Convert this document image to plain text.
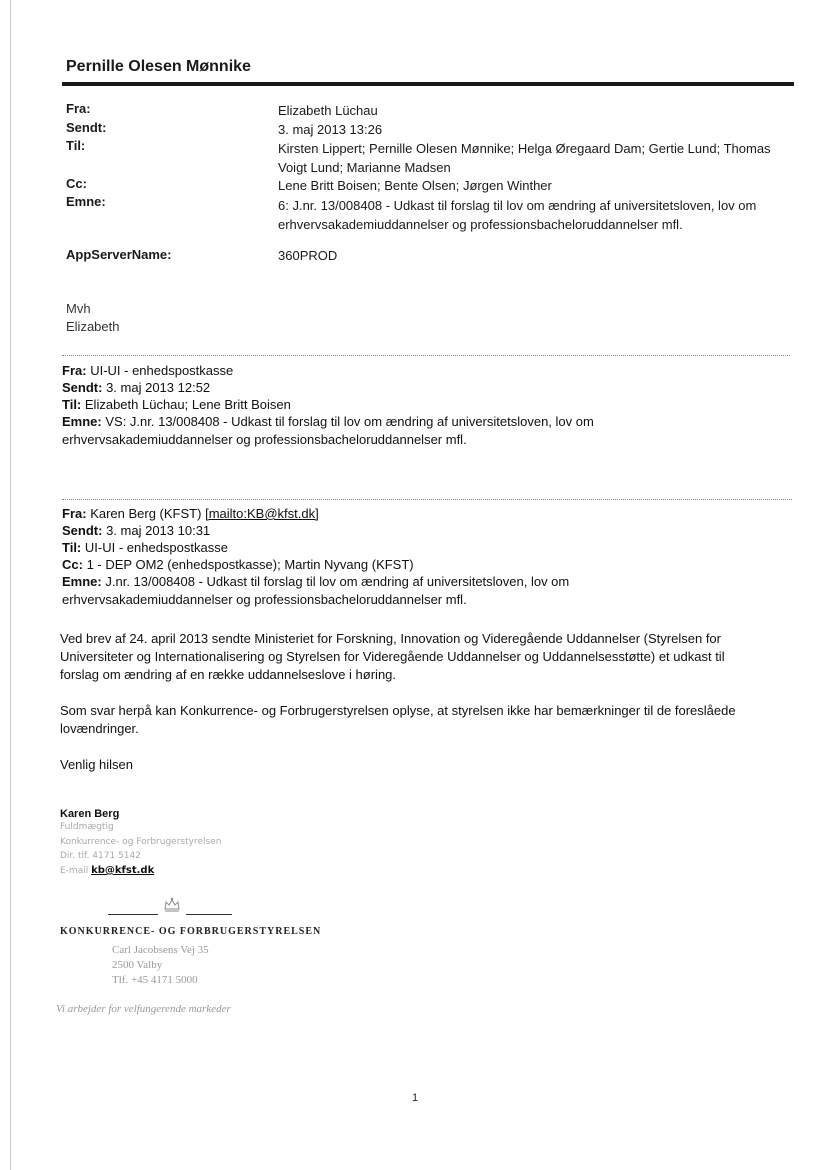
Pernille Olesen Mønnike
Fra:	Elizabeth Lüchau
Sendt:	3. maj 2013 13:26
Til:	Kirsten Lippert; Pernille Olesen Mønnike; Helga Øregaard Dam; Gertie Lund; Thomas Voigt Lund; Marianne Madsen
Cc:	Lene Britt Boisen; Bente Olsen; Jørgen Winther
Emne:	6: J.nr. 13/008408 - Udkast til forslag til lov om ændring af universitetsloven, lov om erhvervsakademiuddannelser og professionsbacheloruddannelser mfl.
AppServerName:	360PROD
Mvh
Elizabeth
Fra: UI-UI - enhedspostkasse
Sendt: 3. maj 2013 12:52
Til: Elizabeth Lüchau; Lene Britt Boisen
Emne: VS: J.nr. 13/008408 - Udkast til forslag til lov om ændring af universitetsloven, lov om
erhvervsakademiuddannelser og professionsbacheloruddannelser mfl.
Fra: Karen Berg (KFST) [mailto:KB@kfst.dk]
Sendt: 3. maj 2013 10:31
Til: UI-UI - enhedspostkasse
Cc: 1 - DEP OM2 (enhedspostkasse); Martin Nyvang (KFST)
Emne: J.nr. 13/008408 - Udkast til forslag til lov om ændring af universitetsloven, lov om
erhvervsakademiuddannelser og professionsbacheloruddannelser mfl.
Ved brev af 24. april 2013 sendte Ministeriet for Forskning, Innovation og Videregående Uddannelser (Styrelsen for
Universiteter og Internationalisering og Styrelsen for Videregående Uddannelser og Uddannelsesstøtte) et udkast til
forslag om ændring af en række uddannelseslove i høring.
Som svar herpå kan Konkurrence- og Forbrugerstyrelsen oplyse, at styrelsen ikke har bemærkninger til de foreslåede
lovændringer.
Venlig hilsen
Karen Berg
Fuldmægtig
Konkurrence- og Forbrugerstyrelsen
Dir. tlf. 4171 5142
E-mail kb@kfst.dk
KONKURRENCE- OG FORBRUGERSTYRELSEN
Carl Jacobsens Vej 35
2500 Valby
Tlf. +45 4171 5000
Vi arbejder for velfungerende markeder
1
